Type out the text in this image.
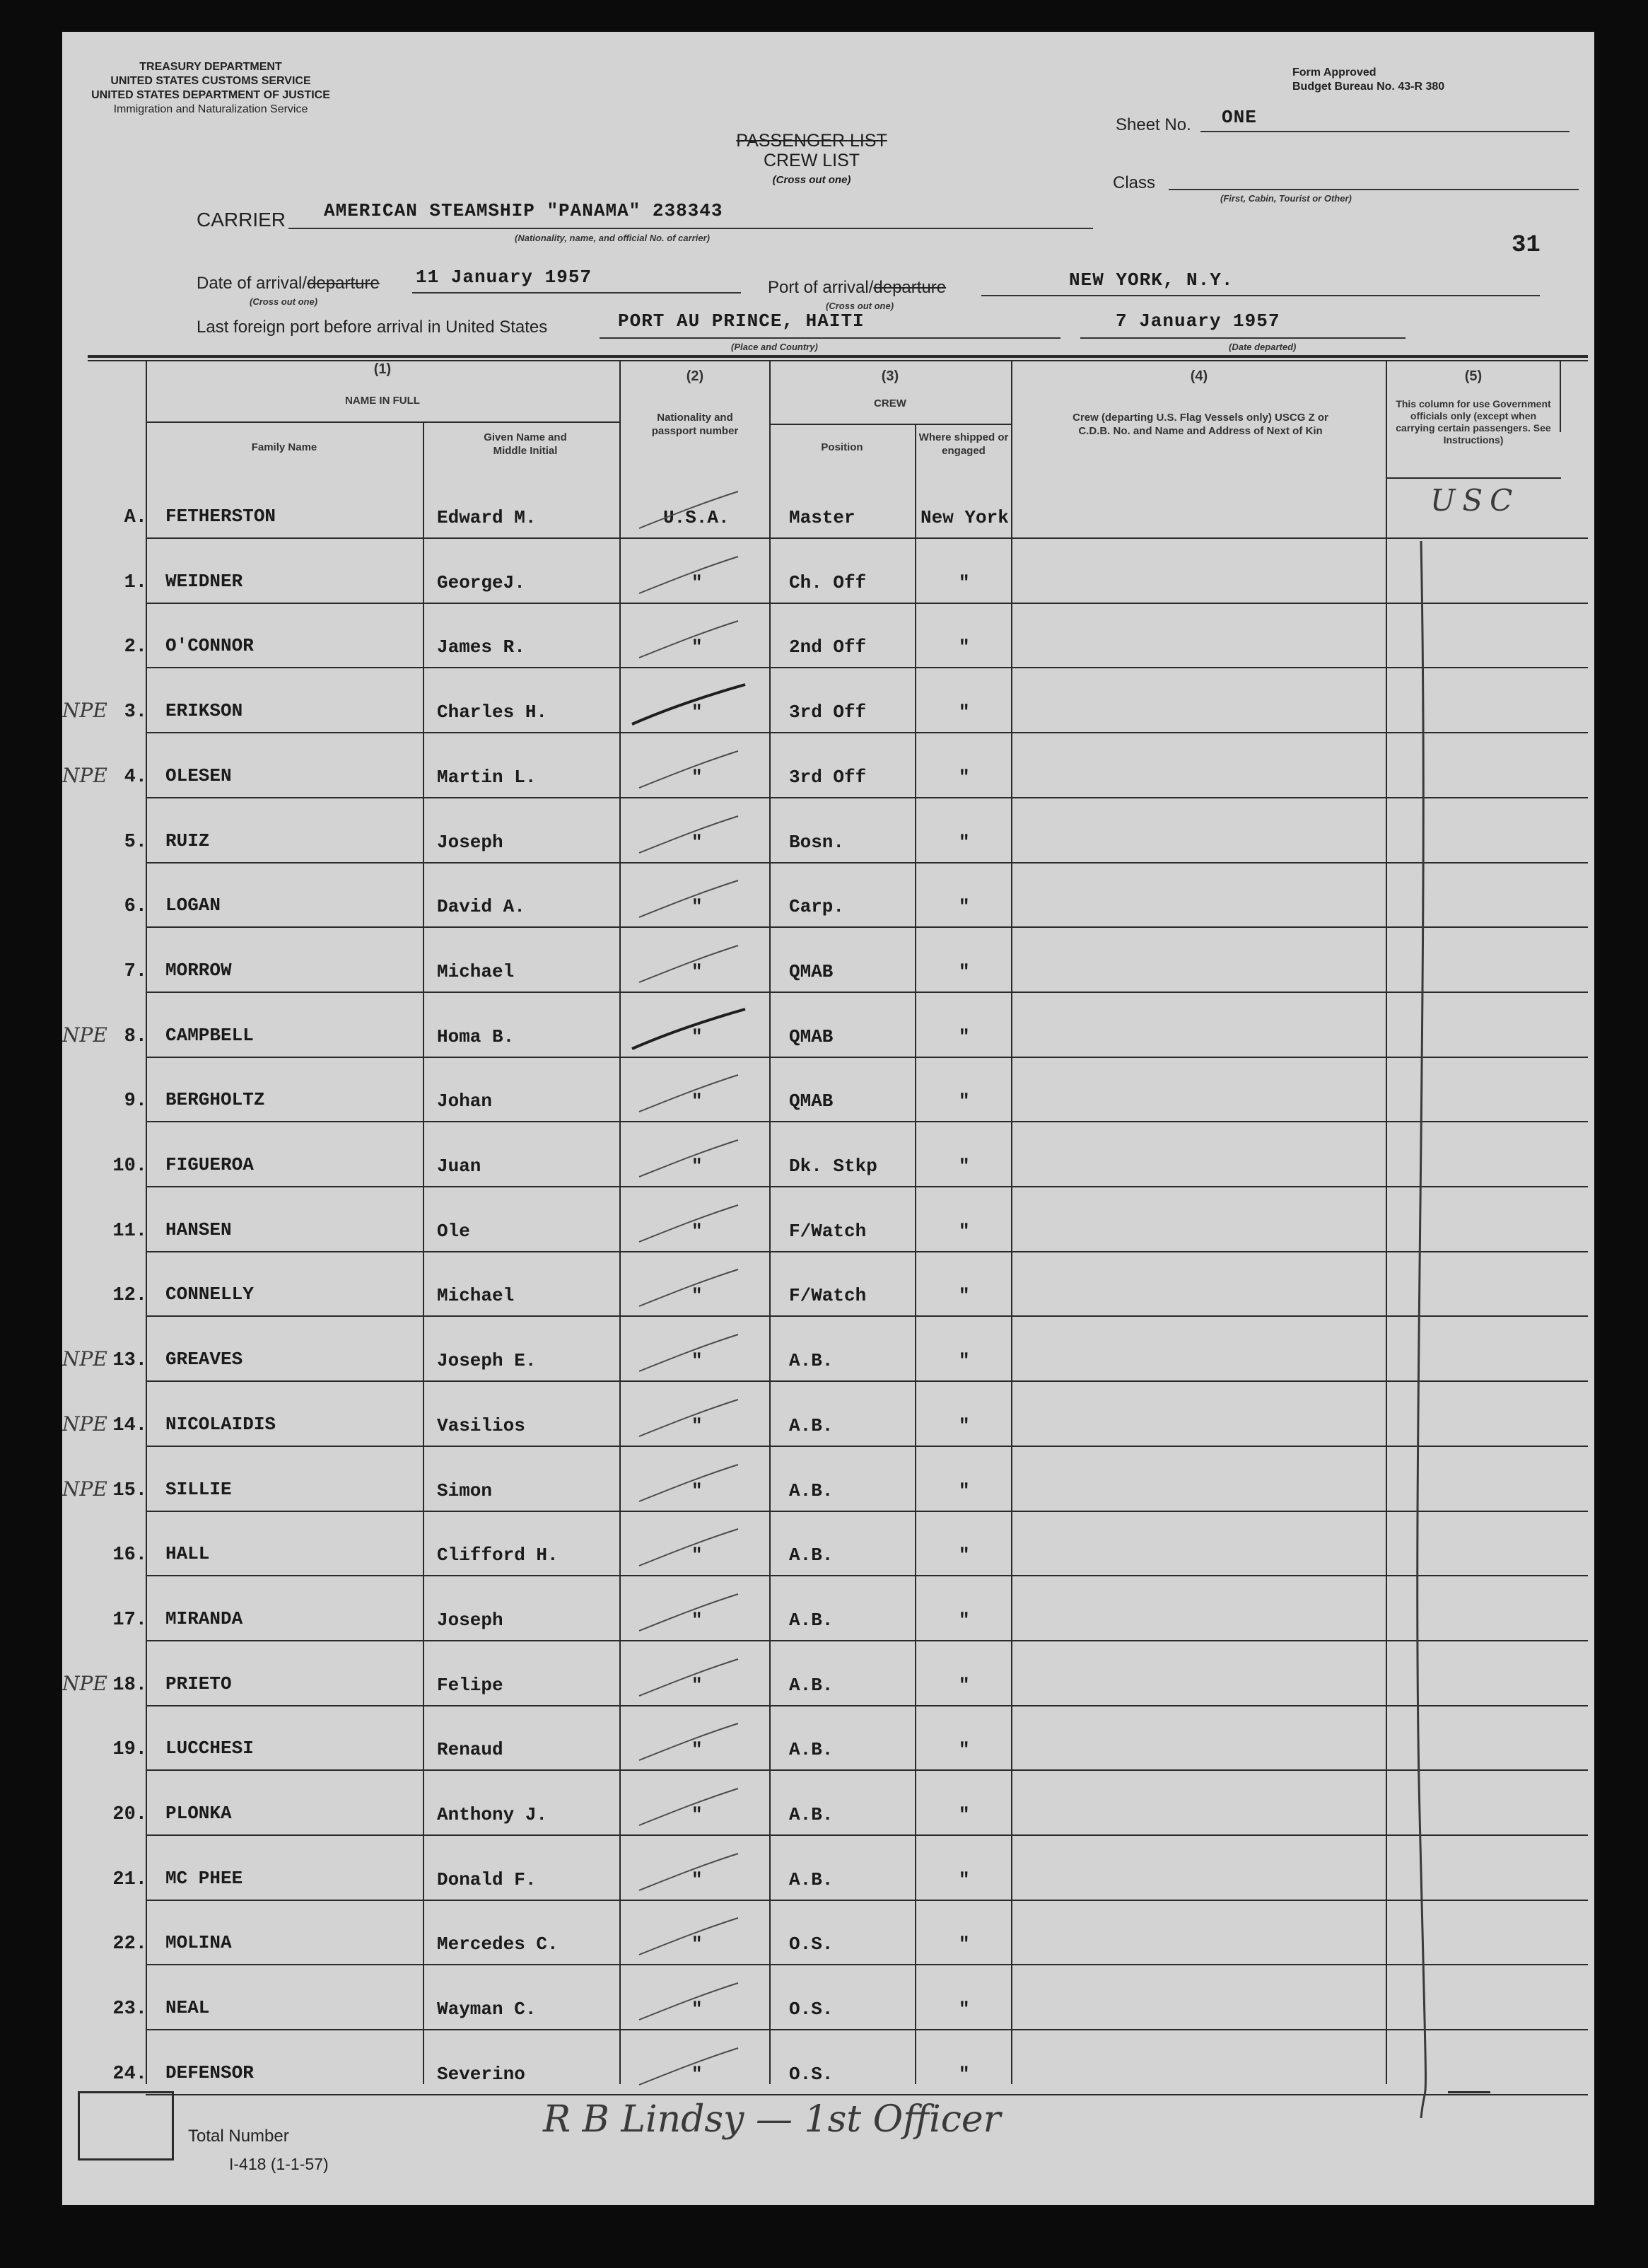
TREASURY DEPARTMENT
UNITED STATES CUSTOMS SERVICE
UNITED STATES DEPARTMENT OF JUSTICE
Immigration and Naturalization Service
Form Approved
Budget Bureau No. 43-R 380
Sheet No. ONE
Class
(First, Cabin, Tourist or Other)
PASSENGER LIST
CREW LIST
(Cross out one)
31
CARRIER AMERICAN STEAMSHIP "PANAMA" 238343
(Nationality, name, and official No. of carrier)
Date of arrival/departure 11 January 1957
(Cross out one)
Port of arrival/departure	NEW YORK, N.Y.
(Cross out one)
Last foreign port before arrival in United States	PORT AU PRINCE, HAITI
(Place and Country)
7 January 1957
(Date departed)
(1)
NAME IN FULL
Family Name
Given Name and Middle Initial
(2)
Nationality and passport number
(3)
CREW
Position
Where shipped or engaged
(4)
Crew (departing U.S. Flag Vessels only) USCG Z or C.D.B. No. and Name and Address of Next of Kin
(5)
This column for use Government officials only (except when carrying certain passengers. See Instructions)
A. FETHERSTON	Edward M.	U.S.A.	Master	New York
1. WEIDNER	GeorgeJ.	"	Ch. Off	"
2. O'CONNOR	James R.	"	2nd Off	"
3. ERIKSON	Charles H.	"	3rd Off	"
NPE
4. OLESEN	Martin L.	"	3rd Off	"
NPE
5. RUIZ	Joseph	"	Bosn.	"
6. LOGAN	David A.	"	Carp.	"
7. MORROW	Michael	"	QMAB	"
8. CAMPBELL	Homa B.	"	QMAB	"
NPE
9. BERGHOLTZ	Johan	"	QMAB	"
10. FIGUEROA	Juan	"	Dk. Stkp	"
11. HANSEN	Ole	"	F/Watch	"
12. CONNELLY	Michael	"	F/Watch	"
13. GREAVES	Joseph E.	"	A.B.	"
NPE
14. NICOLAIDIS	Vasilios	"	A.B.	"
NPE
15. SILLIE	Simon	"	A.B.	"
NPE
16. HALL	Clifford H.	"	A.B.	"
17. MIRANDA	Joseph	"	A.B.	"
18. PRIETO	Felipe	"	A.B.	"
NPE
19. LUCCHESI	Renaud	"	A.B.	"
20. PLONKA	Anthony J.	"	A.B.	"
21. MC PHEE	Donald F.	"	A.B.	"
22. MOLINA	Mercedes C.	"	O.S.	"
23. NEAL	Wayman C.	"	O.S.	"
24. DEFENSOR	Severino	"	O.S.	"
USC
Total Number
I-418 (1-1-57)
R B Lindsy — 1st Officer
